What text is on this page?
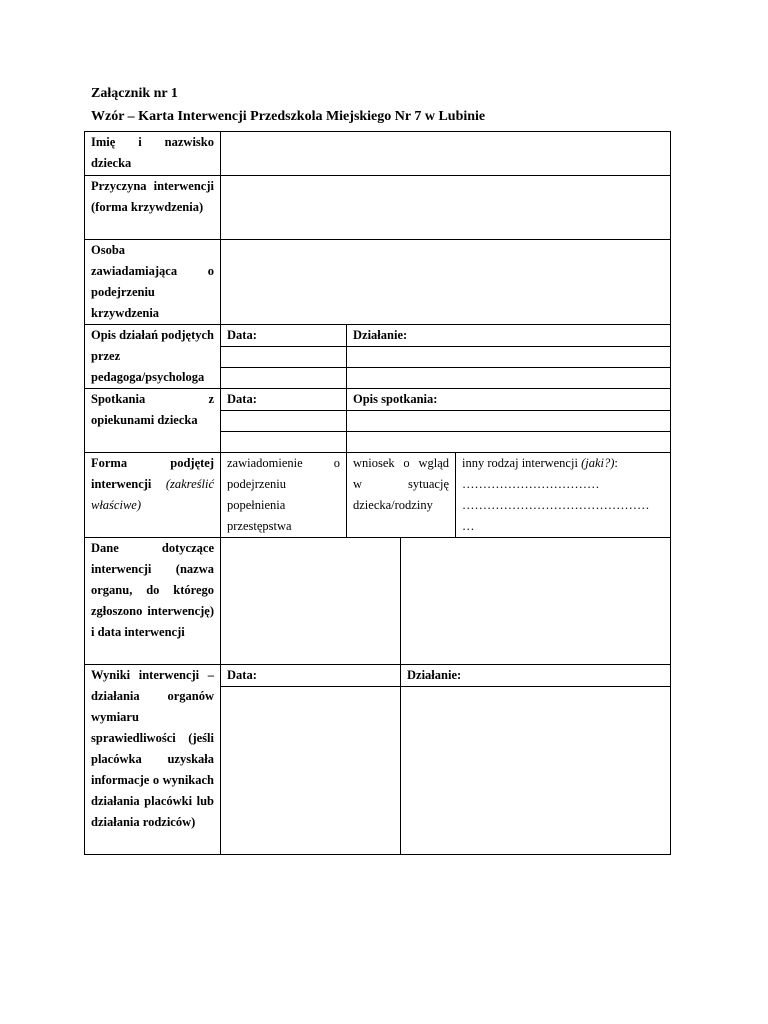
Załącznik nr 1
Wzór – Karta Interwencji Przedszkola Miejskiego Nr 7 w Lubinie
Imię i nazwisko dziecka				
Przyczyna interwencji (forma krzywdzenia)				
Osoba zawiadamiająca o podejrzeniu krzywdzenia				
Opis działań podjętych przez pedagoga/psychologa	Data:	Działanie:		

Spotkania z opiekunami dziecka	Data:	Opis spotkania:		

Forma podjętej interwencji (zakreślić właściwe)	zawiadomienie o podejrzeniu popełnienia przestępstwa	wniosek o wgląd w sytuację dziecka/rodziny		inny rodzaj interwencji (jaki?):
……………………………
………………………………………
…

Dane dotyczące interwencji (nazwa organu, do którego zgłoszono interwencję) i data interwencji				
Wyniki interwencji – działania organów wymiaru sprawiedliwości (jeśli placówka uzyskała informacje o wynikach działania placówki lub działania rodziców)	Data:		Działanie:	
